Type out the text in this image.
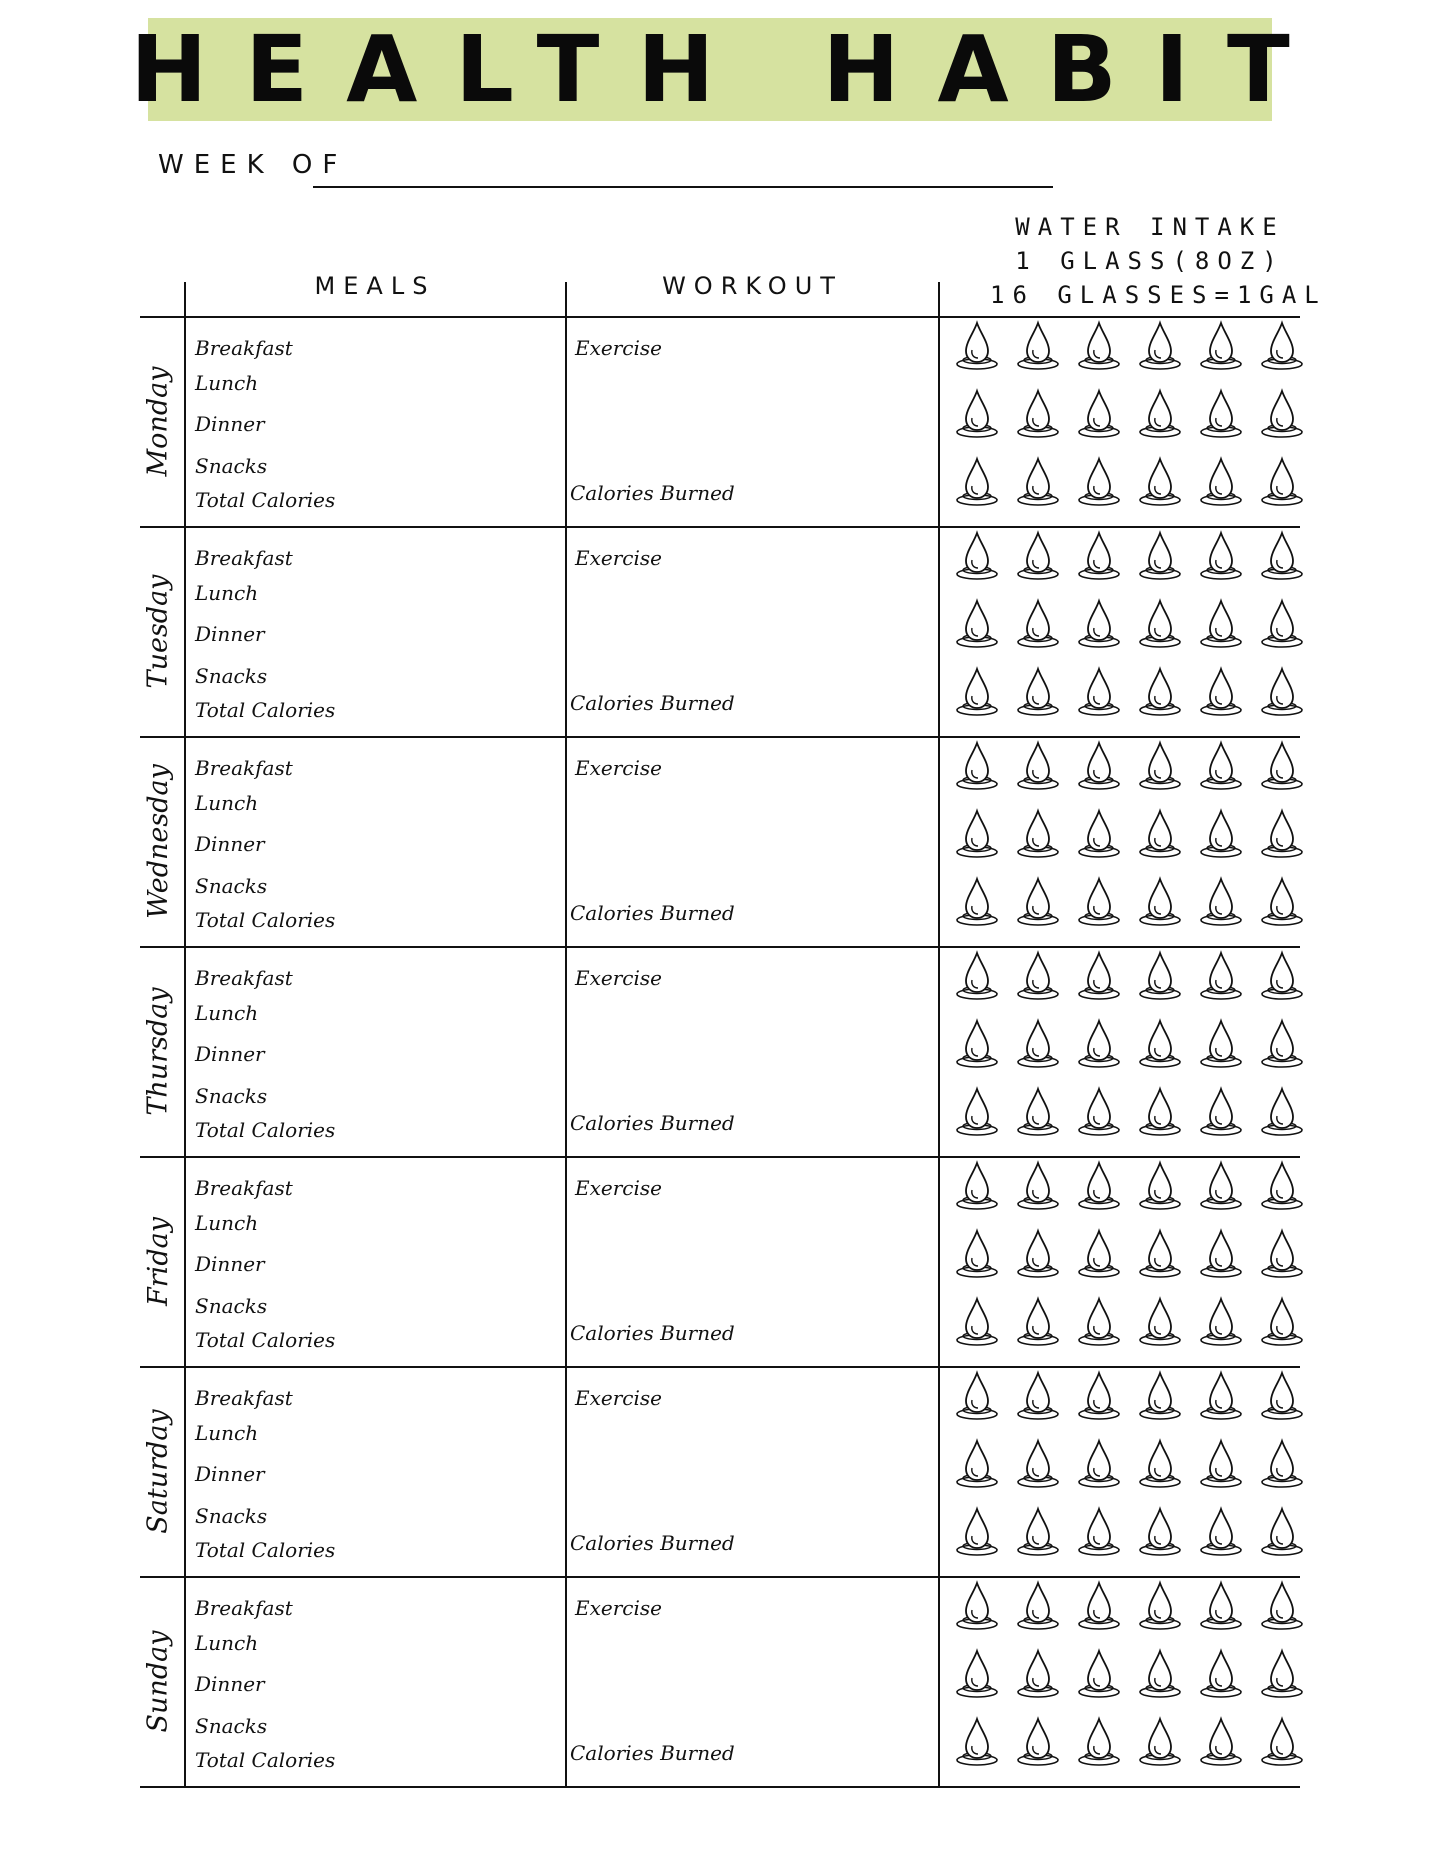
HEALTH HABIT
WEEK OF
WATER INTAKE
1 GLASS(8OZ)
16 GLASSES=1GAL
MEALS	WORKOUT
Monday
Breakfast
Lunch
Dinner
Snacks
Total Calories
Exercise
Calories Burned
Tuesday
Breakfast
Lunch
Dinner
Snacks
Total Calories
Exercise
Calories Burned
Wednesday Breakfast
Lunch
Dinner
Snacks
Total Calories
Exercise
Calories Burned
Thursday
Breakfast
Lunch
Dinner
Snacks
Total Calories
Exercise
Calories Burned
Friday
Breakfast
Lunch
Dinner
Snacks
Total Calories
Exercise
Calories Burned
Saturday
Breakfast
Lunch
Dinner
Snacks
Total Calories
Exercise
Calories Burned
Sunday
Breakfast
Lunch
Dinner
Snacks
Total Calories
Exercise
Calories Burned
